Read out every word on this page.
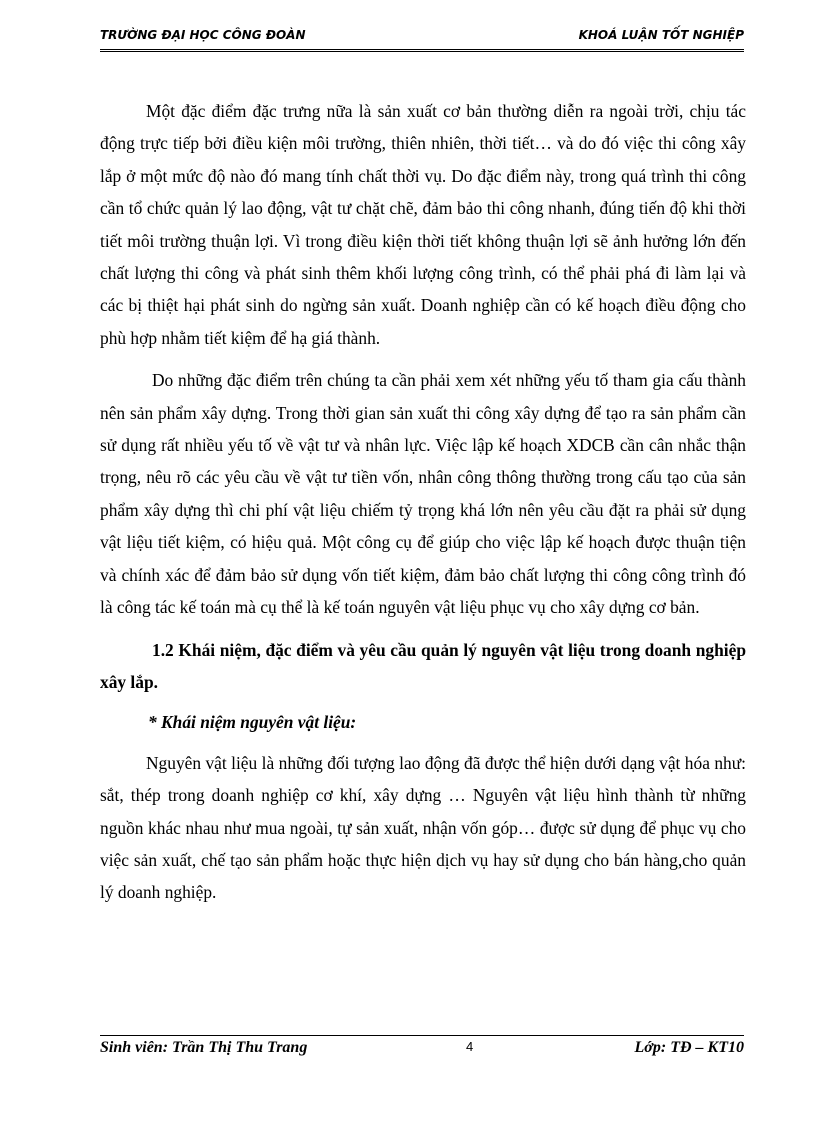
TRƯỜNG ĐẠI HỌC CÔNG ĐOÀN	KHOÁ LUẬN TỐT NGHIỆP

Một đặc điểm đặc trưng nữa là sản xuất cơ bản thường diễn ra ngoài trời, chịu tác động trực tiếp bởi điều kiện môi trường, thiên nhiên, thời tiết… và do đó việc thi công xây lắp ở một mức độ nào đó mang tính chất thời vụ. Do đặc điểm này, trong quá trình thi công cần tổ chức quản lý lao động, vật tư chặt chẽ, đảm bảo thi công nhanh, đúng tiến độ khi thời tiết môi trường thuận lợi. Vì trong điều kiện thời tiết không thuận lợi sẽ ảnh hưởng lớn đến chất lượng thi công và phát sinh thêm khối lượng công trình, có thể phải phá đi làm lại và các bị thiệt hại phát sinh do ngừng sản xuất. Doanh nghiệp cần có kế hoạch điều động cho phù hợp nhằm tiết kiệm để hạ giá thành.

Do những đặc điểm trên chúng ta cần phải xem xét những yếu tố tham gia cấu thành nên sản phẩm xây dựng. Trong thời gian sản xuất thi công xây dựng để tạo ra sản phẩm cần sử dụng rất nhiều yếu tố về vật tư và nhân lực. Việc lập kế hoạch XDCB cần cân nhắc thận trọng, nêu rõ các yêu cầu về vật tư tiền vốn, nhân công thông thường trong cấu tạo của sản phẩm xây dựng thì chi phí vật liệu chiếm tỷ trọng khá lớn nên yêu cầu đặt ra phải sử dụng vật liệu tiết kiệm, có hiệu quả. Một công cụ để giúp cho việc lập kế hoạch được thuận tiện và chính xác để đảm bảo sử dụng vốn tiết kiệm, đảm bảo chất lượng thi công công trình đó là công tác kế toán mà cụ thể là kế toán nguyên vật liệu phục vụ cho xây dựng cơ bản.

1.2 Khái niệm, đặc điểm và yêu cầu quản lý nguyên vật liệu trong doanh nghiệp xây lắp.

* Khái niệm nguyên vật liệu:

Nguyên vật liệu là những đối tượng lao động đã được thể hiện dưới dạng vật hóa như: sắt, thép trong doanh nghiệp cơ khí, xây dựng … Nguyên vật liệu hình thành từ những nguồn khác nhau như mua ngoài, tự sản xuất, nhận vốn góp… được sử dụng để phục vụ cho việc sản xuất, chế tạo sản phẩm hoặc thực hiện dịch vụ hay sử dụng cho bán hàng,cho quản lý doanh nghiệp.

Sinh viên: Trần Thị Thu Trang	4	Lớp: TĐ – KT10
